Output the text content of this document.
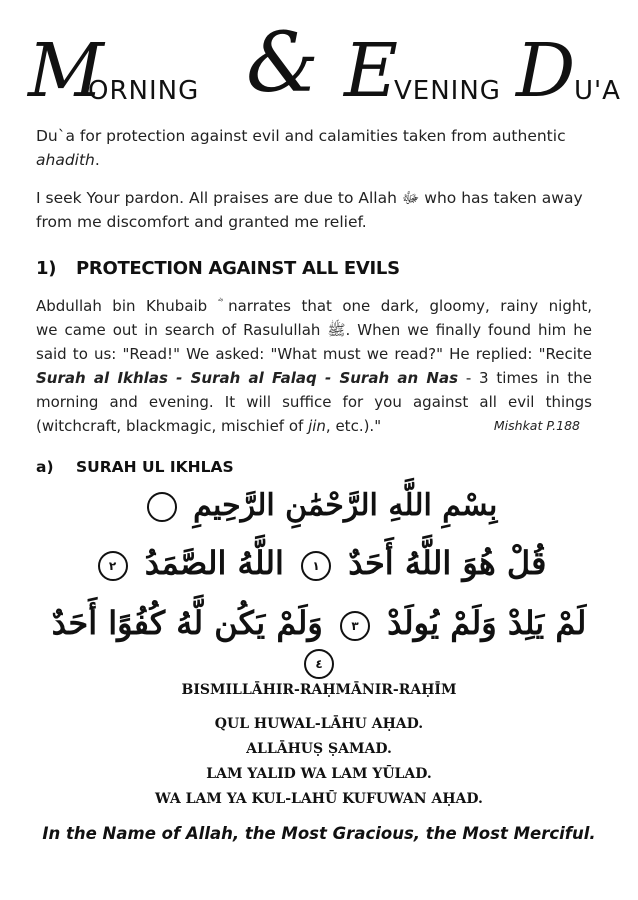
M
ORNING & E
VENING D
U'A
Du`a for protection against evil and calamities taken from authentic
ahadith.
I seek Your pardon. All praises are due to Allah ﷻ who has taken away from me discomfort and granted me relief.
1) PROTECTION AGAINST ALL EVILS
Abdullah bin Khubaib ؓ narrates that one dark, gloomy, rainy night,
we came out in search of Rasulullah ﷺ. When we finally found him he
said to us: "Read!" We asked: "What must we read?" He replied: "Recite
Surah al Ikhlas - Surah al Falaq - Surah an Nas - 3 times in the
morning and evening. It will suffice for you against all evil things
(witchcraft, blackmagic, mischief of jin, etc.)."	Mishkat P.188
a) SURAH UL IKHLAS
بِسْمِ اللَّهِ الرَّحْمَٰنِ الرَّحِيمِ
قُلْ هُوَ اللَّهُ أَحَدٌ ١ اللَّهُ الصَّمَدُ ٢
لَمْ يَلِدْ وَلَمْ يُولَدْ ٣ وَلَمْ يَكُن لَّهُ كُفُوًا أَحَدٌ ٤
BISMILLĀHIR-RAḤMĀNIR-RAḤĪM
QUL HUWAL-LĀHU AḤAD.
ALLĀHUṢ ṢAMAD.
LAM YALID WA LAM YŪLAD.
WA LAM YA KUL-LAHŪ KUFUWAN AḤAD.
In the Name of Allah, the Most Gracious, the Most Merciful.
